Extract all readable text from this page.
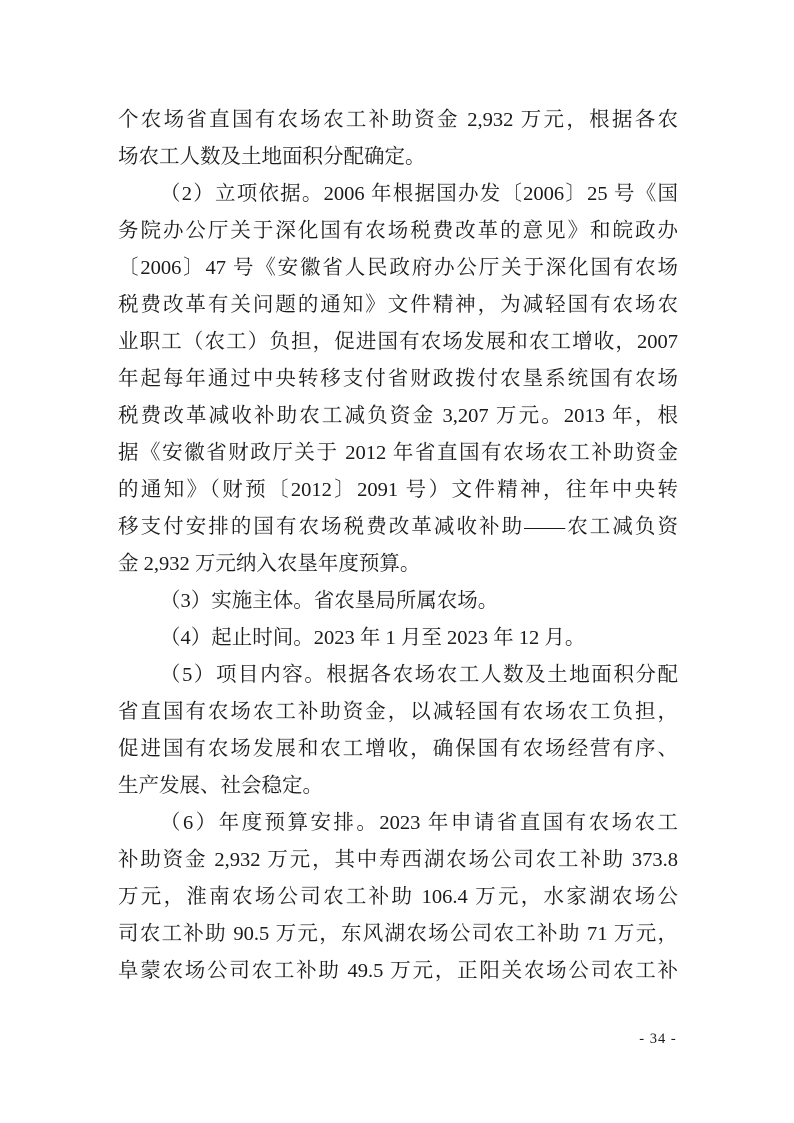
个农场省直国有农场农工补助资金 2,932 万元，根据各农
场农工人数及土地面积分配确定。
（2）立项依据。2006 年根据国办发〔2006〕25 号《国
务院办公厅关于深化国有农场税费改革的意见》和皖政办
〔2006〕47 号《安徽省人民政府办公厅关于深化国有农场
税费改革有关问题的通知》文件精神，为减轻国有农场农
业职工（农工）负担，促进国有农场发展和农工增收，2007
年起每年通过中央转移支付省财政拨付农垦系统国有农场
税费改革减收补助农工减负资金 3,207 万元。2013 年，根
据《安徽省财政厅关于 2012 年省直国有农场农工补助资金
的通知》（财预〔2012〕2091 号）文件精神，往年中央转
移支付安排的国有农场税费改革减收补助——农工减负资
金 2,932 万元纳入农垦年度预算。
（3）实施主体。省农垦局所属农场。
（4）起止时间。2023 年 1 月至 2023 年 12 月。
（5）项目内容。根据各农场农工人数及土地面积分配
省直国有农场农工补助资金，以减轻国有农场农工负担，
促进国有农场发展和农工增收，确保国有农场经营有序、
生产发展、社会稳定。
（6）年度预算安排。2023 年申请省直国有农场农工
补助资金 2,932 万元，其中寿西湖农场公司农工补助 373.8
万元，淮南农场公司农工补助 106.4 万元，水家湖农场公
司农工补助 90.5 万元，东风湖农场公司农工补助 71 万元，
阜蒙农场公司农工补助 49.5 万元，正阳关农场公司农工补
- 34 -
